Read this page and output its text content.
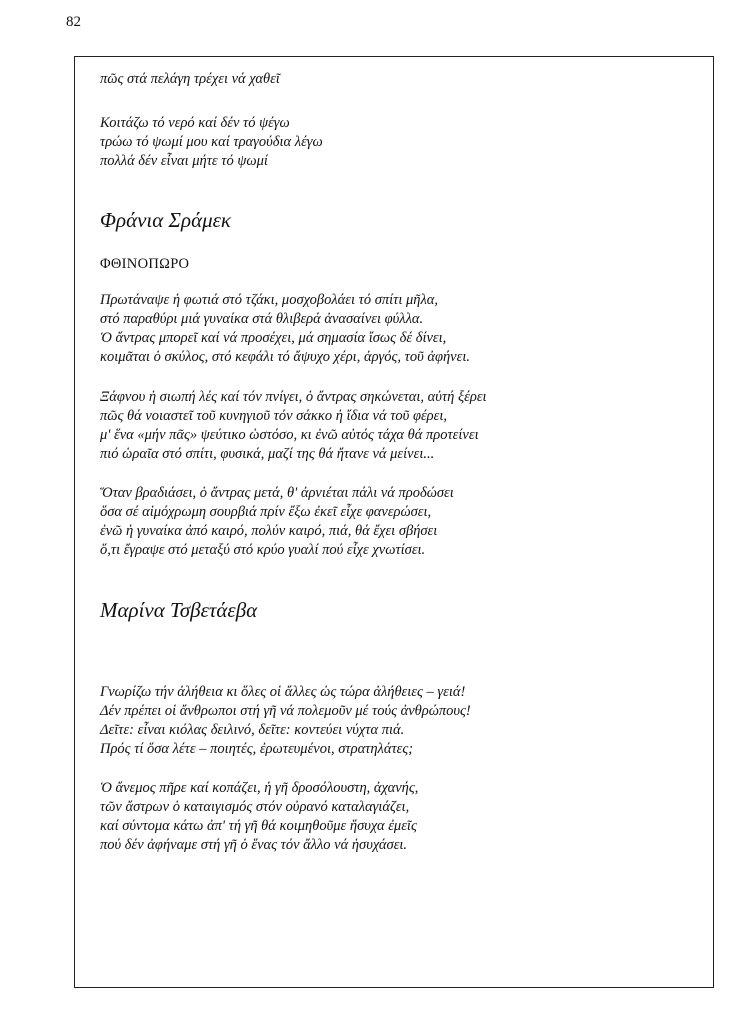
82
πῶς στά πελάγη τρέχει νά χαθεῖ
Κοιτάζω τό νερό καί δέν τό ψέγω
τρώω τό ψωμί μου καί τραγούδια λέγω
πολλά δέν εἶναι μήτε τό ψωμί
Φράνια Σράμεκ
ΦΘΙΝΟΠΩΡΟ
Πρωτάναψε ἡ φωτιά στό τζάκι, μοσχοβολάει τό σπίτι μῆλα,
στό παραθύρι μιά γυναίκα στά θλιβερά ἀνασαίνει φύλλα.
Ὁ ἄντρας μπορεῖ καί νά προσέχει, μά σημασία ἴσως δέ δίνει,
κοιμᾶται ὁ σκύλος, στό κεφάλι τό ἄψυχο χέρι, ἀργός, τοῦ ἀφήνει.
Ξάφνου ἡ σιωπή λές καί τόν πνίγει, ὁ ἄντρας σηκώνεται, αὐτή ξέρει
πῶς θά νοιαστεῖ τοῦ κυνηγιοῦ τόν σάκκο ἡ ἴδια νά τοῦ φέρει,
μ' ἕνα «μήν πᾶς» ψεύτικο ὡστόσο, κι ἐνῶ αὐτός τάχα θά προτείνει
πιό ὡραῖα στό σπίτι, φυσικά, μαζί της θά ἤτανε νά μείνει...
Ὅταν βραδιάσει, ὁ ἄντρας μετά, θ' ἀρνιέται πάλι νά προδώσει
ὅσα σέ αἱμόχρωμη σουρβιά πρίν ἔξω ἐκεῖ εἶχε φανερώσει,
ἐνῶ ἡ γυναίκα ἀπό καιρό, πολύν καιρό, πιά, θά ἔχει σβήσει
ὅ,τι ἔγραψε στό μεταξύ στό κρύο γυαλί πού εἶχε χνωτίσει.
Μαρίνα Τσβετάεβα
Γνωρίζω τήν ἀλήθεια κι ὅλες οἱ ἄλλες ὡς τώρα ἀλήθειες – γειά!
Δέν πρέπει οἱ ἄνθρωποι στή γῆ νά πολεμοῦν μέ τούς ἀνθρώπους!
Δεῖτε: εἶναι κιόλας δειλινό, δεῖτε: κοντεύει νύχτα πιά.
Πρός τί ὅσα λέτε – ποιητές, ἐρωτευμένοι, στρατηλάτες;
Ὁ ἄνεμος πῆρε καί κοπάζει, ἡ γῆ δροσόλουστη, ἀχανής,
τῶν ἄστρων ὁ καταιγισμός στόν οὐρανό καταλαγιάζει,
καί σύντομα κάτω ἀπ' τή γῆ θά κοιμηθοῦμε ἥσυχα ἐμεῖς
πού δέν ἀφήναμε στή γῆ ὁ ἕνας τόν ἄλλο νά ἡσυχάσει.
